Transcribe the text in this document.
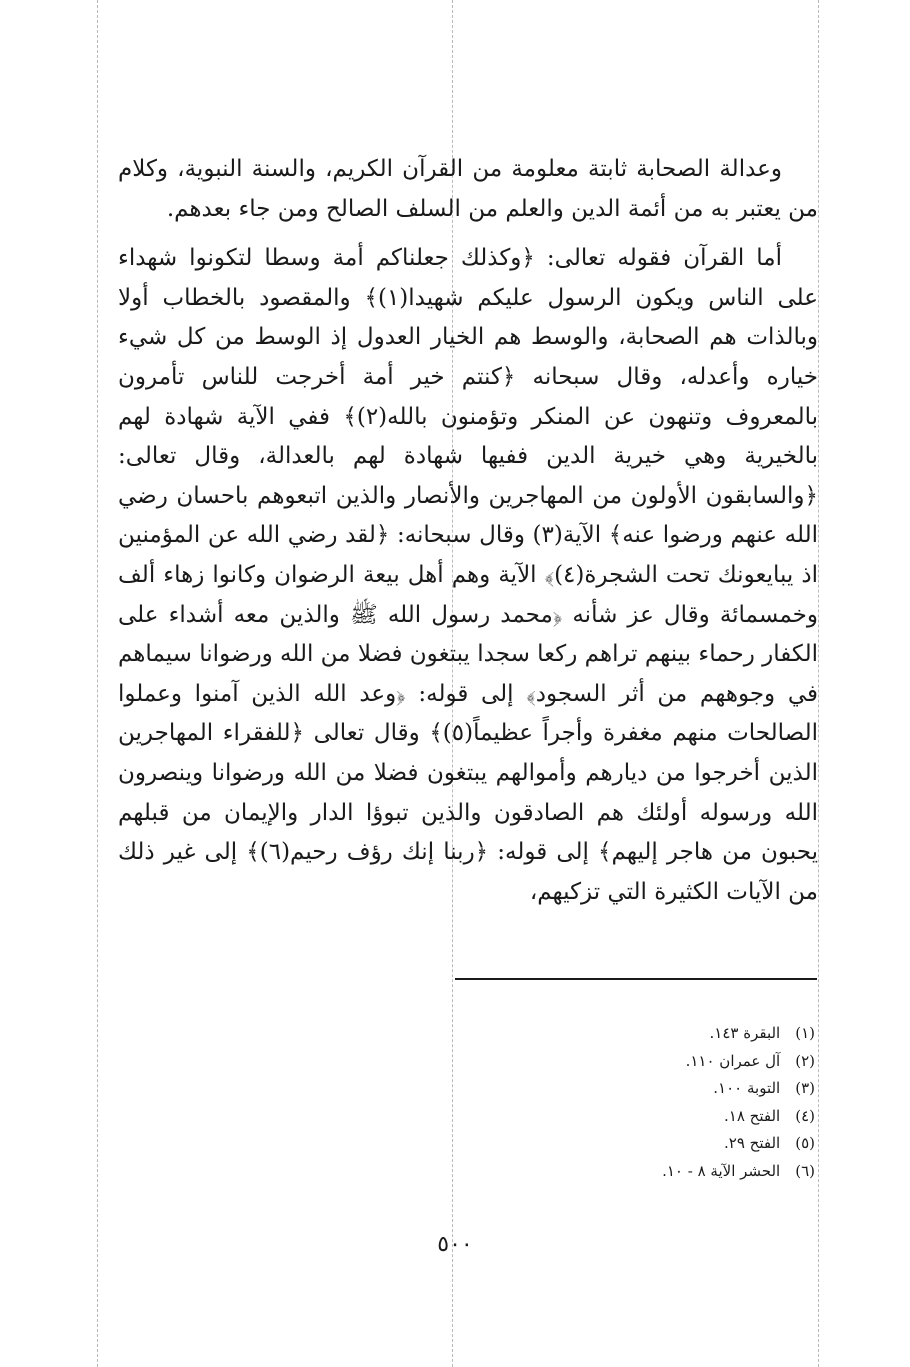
وعدالة الصحابة ثابتة معلومة من القرآن الكريم، والسنة النبوية، وكلام من يعتبر به من أئمة الدين والعلم من السلف الصالح ومن جاء بعدهم.

أما القرآن فقوله تعالى: ﴿وكذلك جعلناكم أمة وسطا لتكونوا شهداء على الناس ويكون الرسول عليكم شهيدا(١)﴾ والمقصود بالخطاب أولا وبالذات هم الصحابة، والوسط هم الخيار العدول إذ الوسط من كل شيء خياره وأعدله، وقال سبحانه ﴿كنتم خير أمة أخرجت للناس تأمرون بالمعروف وتنهون عن المنكر وتؤمنون بالله(٢)﴾ ففي الآية شهادة لهم بالخيرية وهي خيرية الدين ففيها شهادة لهم بالعدالة، وقال تعالى: ﴿والسابقون الأولون من المهاجرين والأنصار والذين اتبعوهم باحسان رضي الله عنهم ورضوا عنه﴾ الآية(٣) وقال سبحانه: ﴿لقد رضي الله عن المؤمنين اذ يبايعونك تحت الشجرة(٤)﴾ الآية وهم أهل بيعة الرضوان وكانوا زهاء ألف وخمسمائة وقال عز شأنه ﴿محمد رسول الله ﷺ والذين معه أشداء على الكفار رحماء بينهم تراهم ركعا سجدا يبتغون فضلا من الله ورضوانا سيماهم في وجوههم من أثر السجود﴾ إلى قوله: ﴿وعد الله الذين آمنوا وعملوا الصالحات منهم مغفرة وأجراً عظيماً(٥)﴾ وقال تعالى ﴿للفقراء المهاجرين الذين أخرجوا من ديارهم وأموالهم يبتغون فضلا من الله ورضوانا وينصرون الله ورسوله أولئك هم الصادقون والذين تبوؤا الدار والإيمان من قبلهم يحبون من هاجر إليهم﴾ إلى قوله: ﴿ربنا إنك رؤف رحيم(٦)﴾ إلى غير ذلك من الآيات الكثيرة التي تزكيهم،

(١) البقرة ١٤٣.
(٢) آل عمران ١١٠.
(٣) التوبة ١٠٠.
(٤) الفتح ١٨.
(٥) الفتح ٢٩.
(٦) الحشر الآية ٨ - ١٠.
٥٠٠
